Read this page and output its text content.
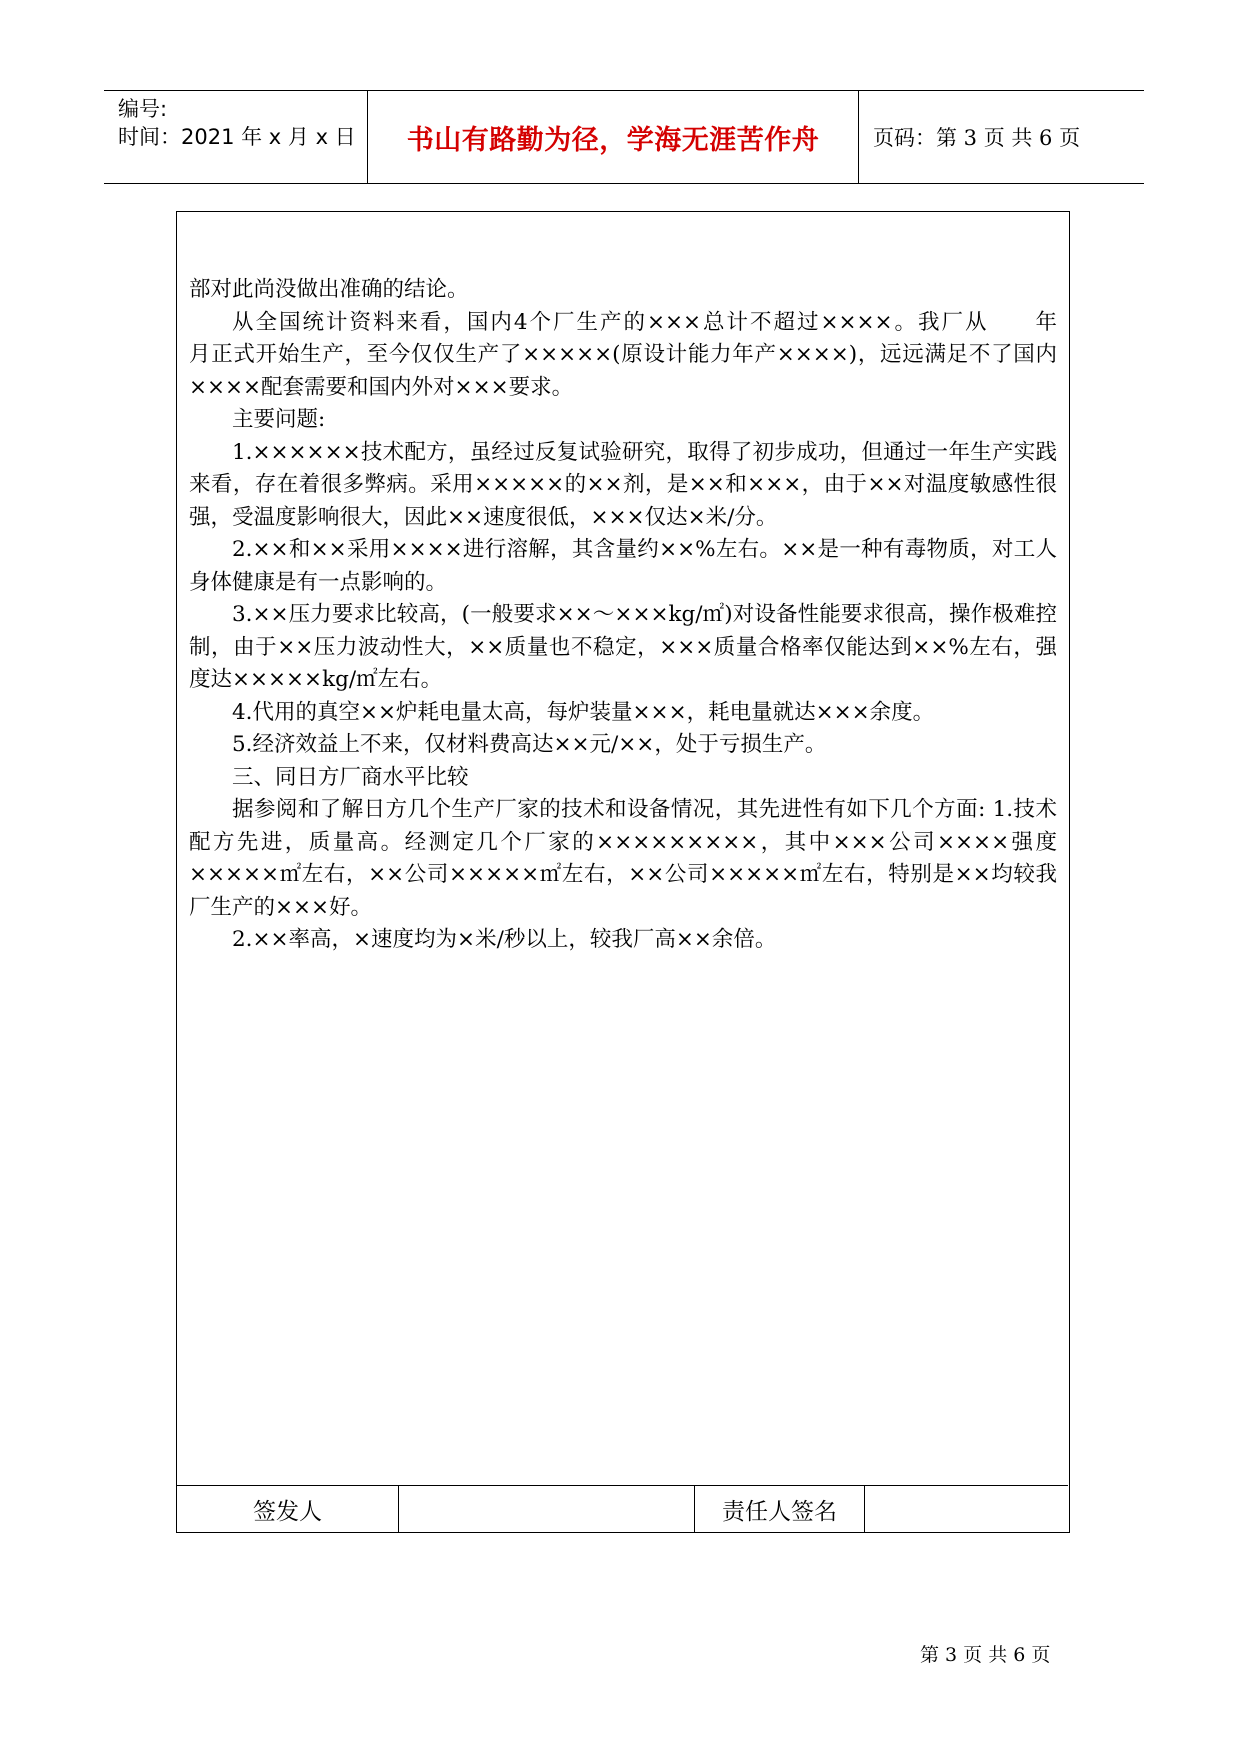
编号:
时间：2021 年 x 月 x 日 书山有路勤为径，学海无涯苦作舟	页码：第 3 页 共 6 页

部对此尚没做出准确的结论。

从全国统计资料来看，国内4个厂生产的×××总计不超过××××。我厂从　　年　　月正式开始生产，至今仅仅生产了×××××(原设计能力年产××××)，远远满足不了国内××××配套需要和国内外对×××要求。

主要问题:

1.××××××技术配方，虽经过反复试验研究，取得了初步成功，但通过一年生产实践来看，存在着很多弊病。采用×××××的××剂，是××和×××，由于××对温度敏感性很强，受温度影响很大，因此××速度很低，×××仅达×米/分。

2.××和××采用××××进行溶解，其含量约××%左右。××是一种有毒物质，对工人身体健康是有一点影响的。

3.××压力要求比较高，(一般要求××～×××kg/㎡)对设备性能要求很高，操作极难控制，由于××压力波动性大，××质量也不稳定，×××质量合格率仅能达到××%左右，强度达×××××kg/㎡左右。

4.代用的真空××炉耗电量太高，每炉装量×××，耗电量就达×××余度。

5.经济效益上不来，仅材料费高达××元/××，处于亏损生产。

三、同日方厂商水平比较

据参阅和了解日方几个生产厂家的技术和设备情况，其先进性有如下几个方面: 1.技术配方先进，质量高。经测定几个厂家的×××××××××，其中×××公司××××强度×××××㎡左右，××公司×××××㎡左右，××公司×××××㎡左右，特别是××均较我厂生产的×××好。

2.××率高，×速度均为×米/秒以上，较我厂高××余倍。

签发人	责任人签名
第 3 页 共 6 页
